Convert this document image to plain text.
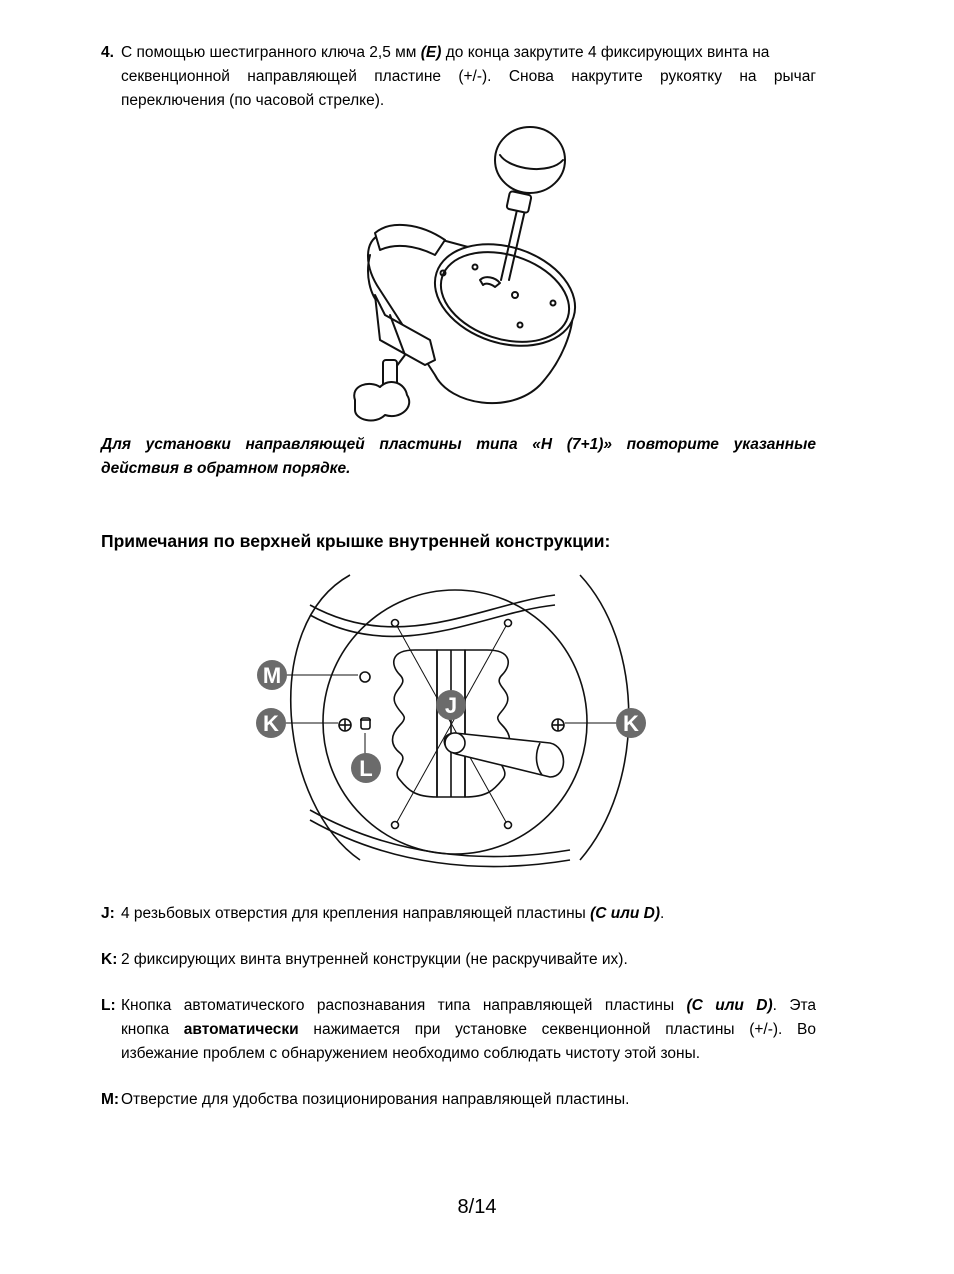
4. С помощью шестигранного ключа 2,5 мм (E) до конца закрутите 4 фиксирующих винта на
секвенционной направляющей пластине (+/-). Снова накрутите рукоятку на рычаг
переключения (по часовой стрелке).
Для установки направляющей пластины типа «H (7+1)» повторите указанные
действия в обратном порядке.
Примечания по верхней крышке внутренней конструкции:
M
K
J
K
L
J: 4 резьбовых отверстия для крепления направляющей пластины (C или D).
K: 2 фиксирующих винта внутренней конструкции (не раскручивайте их).
L: Кнопка автоматического распознавания типа направляющей пластины (C или D). Эта
кнопка автоматически нажимается при установке секвенционной пластины (+/-). Во
избежание проблем с обнаружением необходимо соблюдать чистоту этой зоны.
M: Отверстие для удобства позиционирования направляющей пластины.
8/14
